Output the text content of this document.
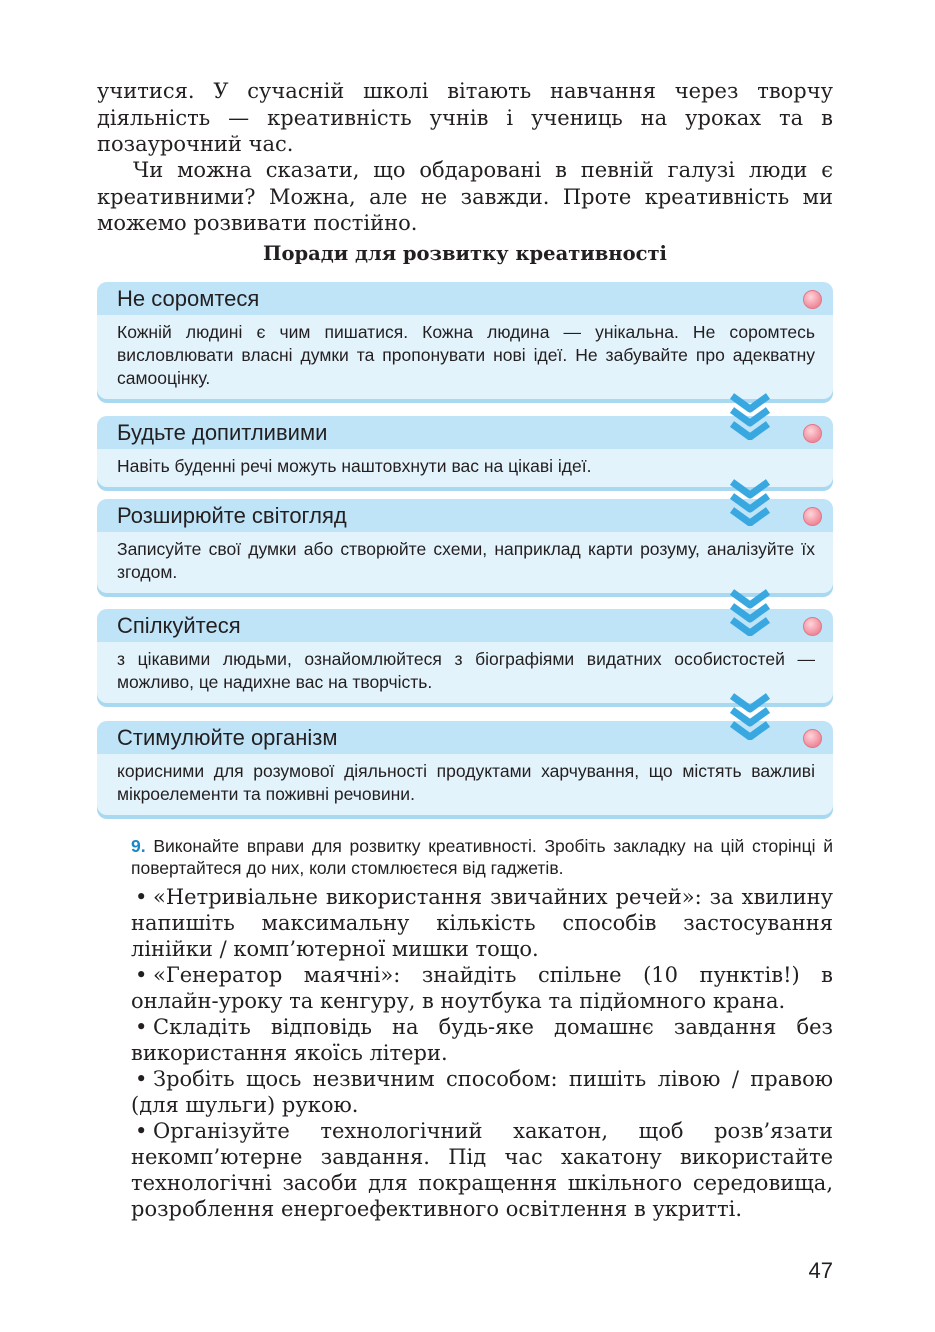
учитися. У сучасній школі вітають навчання через творчу діяльність — креативність учнів і учениць на уроках та в позаурочний час.

Чи можна сказати, що обдаровані в певній галузі люди є креативними? Можна, але не завжди. Проте креативність ми можемо розвивати постійно.

Поради для розвитку креативності
Не соромтеся
Кожній людині є чим пишатися. Кожна людина — унікальна. Не соромтесь висловлювати власні думки та пропонувати нові ідеї. Не забувайте про адекватну самооцінку.
Будьте допитливими
Навіть буденні речі можуть наштовхнути вас на цікаві ідеї.
Розширюйте світогляд
Записуйте свої думки або створюйте схеми, наприклад карти розуму, аналізуйте їх згодом.
Спілкуйтеся
з цікавими людьми, ознайомлюйтеся з біографіями видатних особистостей — можливо, це надихне вас на творчість.
Стимулюйте організм
корисними для розумової діяльності продуктами харчування, що містять важливі мікроелементи та поживні речовини.

9. Виконайте вправи для розвитку креативності. Зробіть закладку на цій сторінці й повертайтеся до них, коли стомлюєтеся від гаджетів.

• «Нетривіальне використання звичайних речей»: за хвилину напишіть максимальну кількість способів застосування лінійки / комп’ютерної мишки тощо.

• «Генератор маячні»: знайдіть спільне (10 пунктів!) в онлайн-уроку та кенгуру, в ноутбука та підйомного крана.

• Складіть відповідь на будь-яке домашнє завдання без використання якоїсь літери.

• Зробіть щось незвичним способом: пишіть лівою / правою (для шульги) рукою.

• Організуйте технологічний хакатон, щоб розв’язати некомп’ютерне завдання. Під час хакатону використайте технологічні засоби для покращення шкільного середовища, розроблення енергоефективного освітлення в укритті.

47
